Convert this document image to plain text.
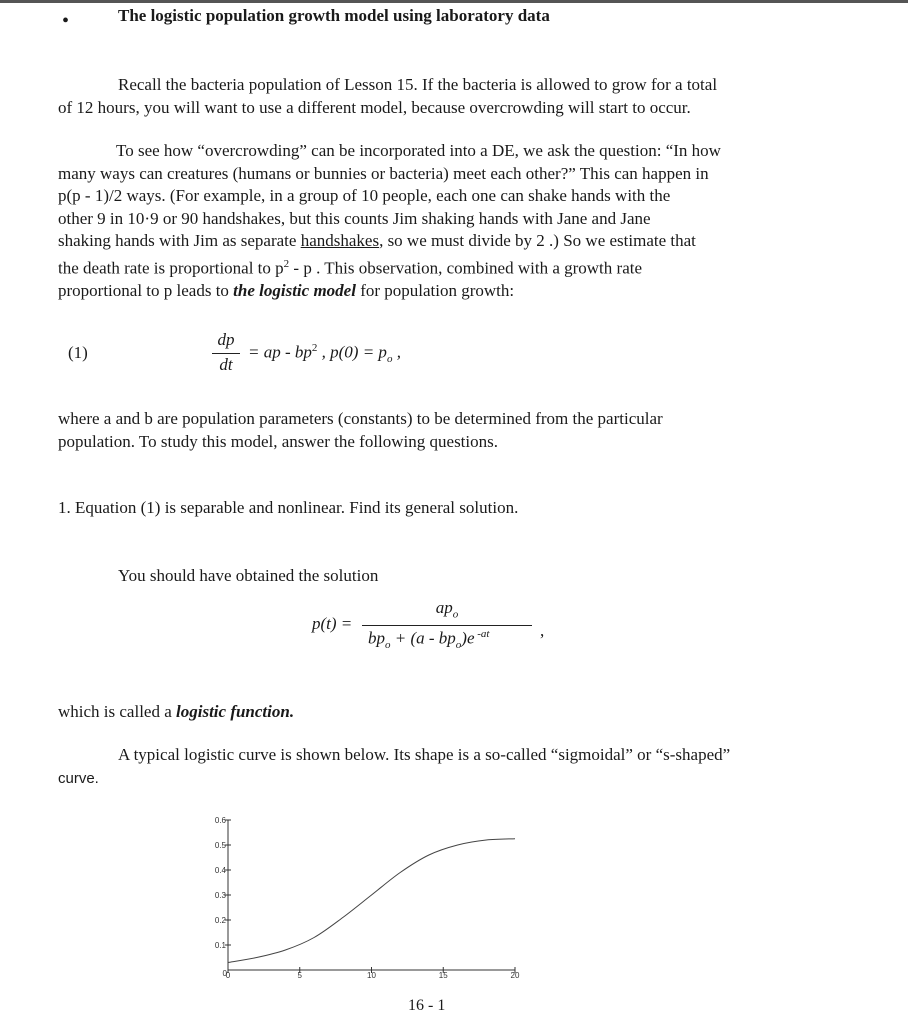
•	The logistic population growth model using laboratory data
Recall the bacteria population of Lesson 15. If the bacteria is allowed to grow for a total
of 12 hours, you will want to use a different model, because overcrowding will start to occur.
To see how “overcrowding” can be incorporated into a DE, we ask the question: “In how
many ways can creatures (humans or bunnies or bacteria) meet each other?” This can happen in
p(p - 1)/2 ways. (For example, in a group of 10 people, each one can shake hands with the
other 9 in 10·9 or 90 handshakes, but this counts Jim shaking hands with Jane and Jane
shaking hands with Jim as separate handshakes, so we must divide by 2 .) So we estimate that
the death rate is proportional to $p^2$ - p . This observation, combined with a growth rate
proportional to p leads to the logistic model for population growth:
(1)
dp
dt
= ap - $bp^2$ , $p(0) = p_o$ ,
where a and b are population parameters (constants) to be determined from the particular
population. To study this model, answer the following questions.
1. Equation (1) is separable and nonlinear. Find its general solution.
You should have obtained the solution
p(t) =
$ap_o$
$bp_o + (a - bp_o)e$ $^{-at}$	,
which is called a logistic function.
A typical logistic curve is shown below. Its shape is a so-called “sigmoidal” or “s-shaped”
curve.
0.1
0.2
0.3
0.4
0.5
0.6
0
0	5	10	15	20
16 - 1
